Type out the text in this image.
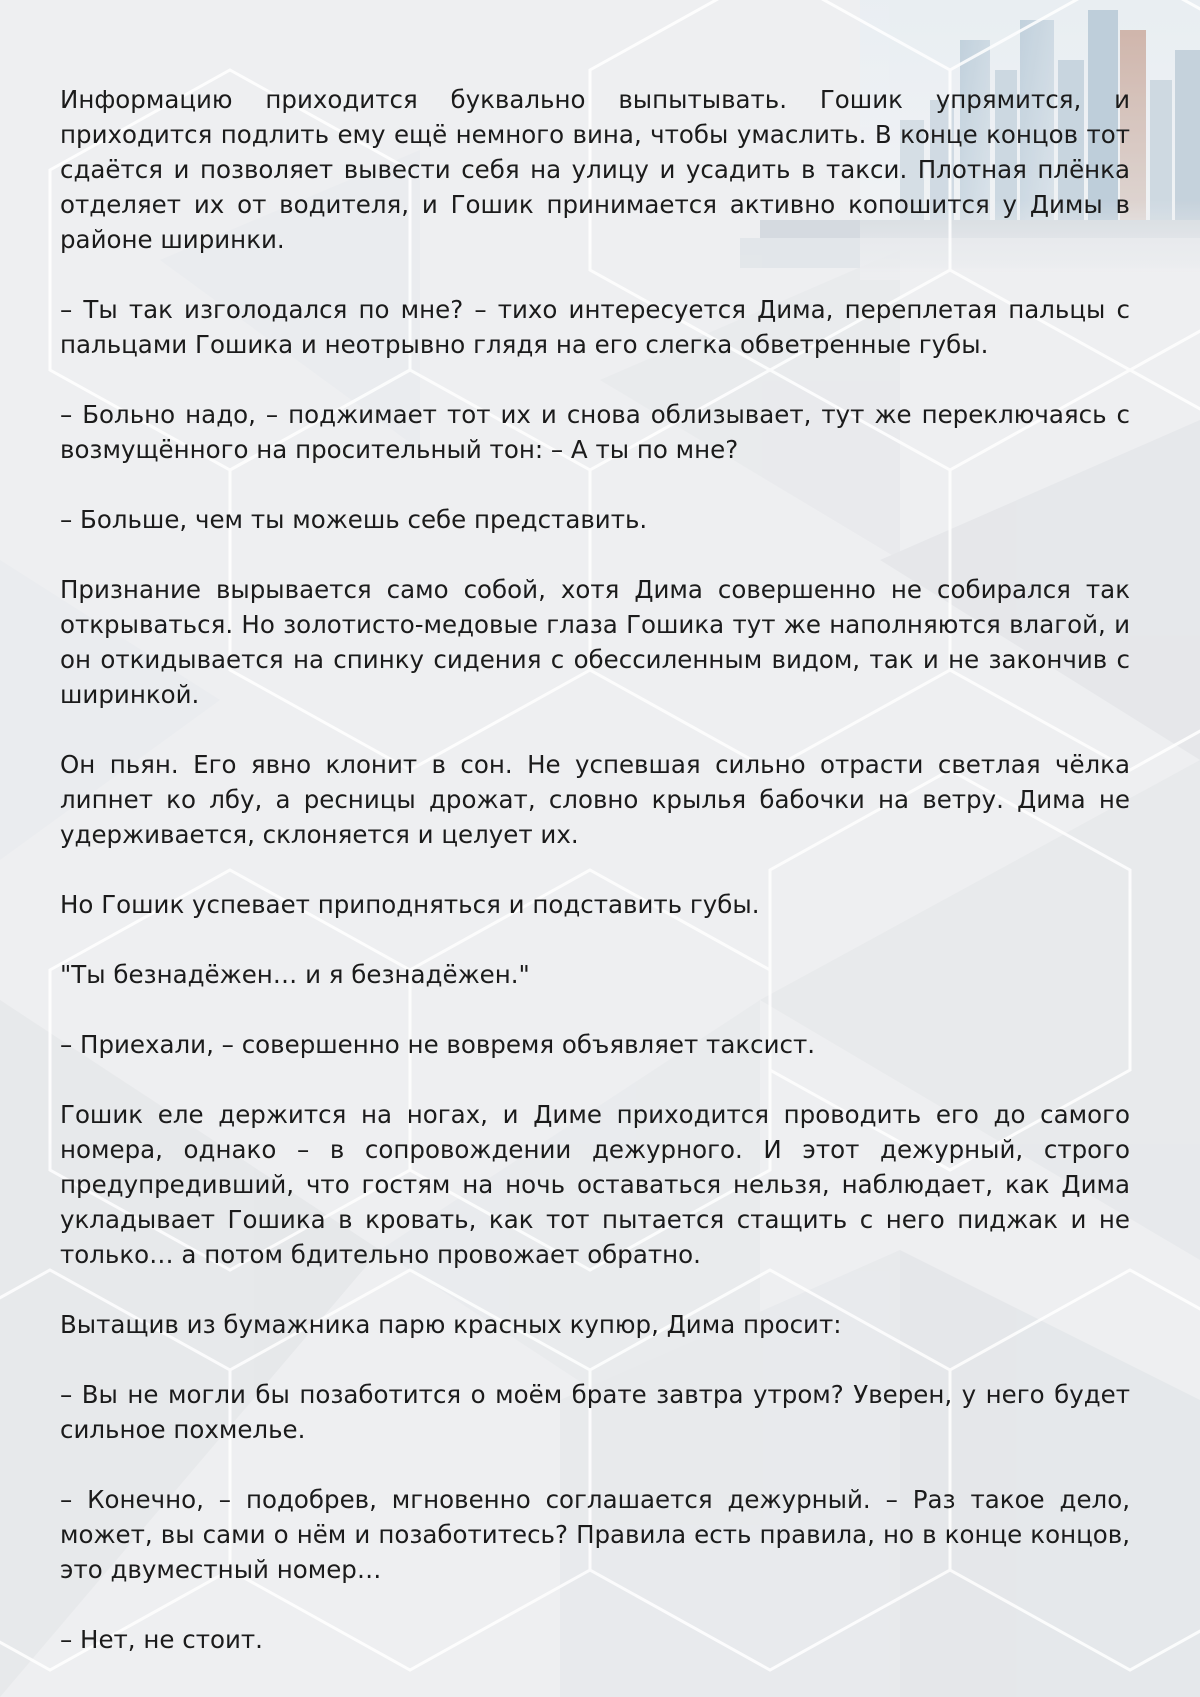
Информацию приходится буквально выпытывать. Гошик упрямится, и приходится подлить ему ещё немного вина, чтобы умаслить. В конце концов тот сдаётся и позволяет вывести себя на улицу и усадить в такси. Плотная плёнка отделяет их от водителя, и Гошик принимается активно копошится у Димы в районе ширинки.

– Ты так изголодался по мне? – тихо интересуется Дима, переплетая пальцы с пальцами Гошика и неотрывно глядя на его слегка обветренные губы.

– Больно надо, – поджимает тот их и снова облизывает, тут же переключаясь с возмущённого на просительный тон: – А ты по мне?

– Больше, чем ты можешь себе представить.

Признание вырывается само собой, хотя Дима совершенно не собирался так открываться. Но золотисто-медовые глаза Гошика тут же наполняются влагой, и он откидывается на спинку сидения с обессиленным видом, так и не закончив с ширинкой.

Он пьян. Его явно клонит в сон. Не успевшая сильно отрасти светлая чёлка липнет ко лбу, а ресницы дрожат, словно крылья бабочки на ветру. Дима не удерживается, склоняется и целует их.

Но Гошик успевает приподняться и подставить губы.

"Ты безнадёжен… и я безнадёжен."

– Приехали, – совершенно не вовремя объявляет таксист.

Гошик еле держится на ногах, и Диме приходится проводить его до самого номера, однако – в сопровождении дежурного. И этот дежурный, строго предупредивший, что гостям на ночь оставаться нельзя, наблюдает, как Дима укладывает Гошика в кровать, как тот пытается стащить с него пиджак и не только… а потом бдительно провожает обратно.

Вытащив из бумажника парю красных купюр, Дима просит:

– Вы не могли бы позаботится о моём брате завтра утром? Уверен, у него будет сильное похмелье.

– Конечно, – подобрев, мгновенно соглашается дежурный. – Раз такое дело, может, вы сами о нём и позаботитесь? Правила есть правила, но в конце концов, это двуместный номер…

– Нет, не стоит.
